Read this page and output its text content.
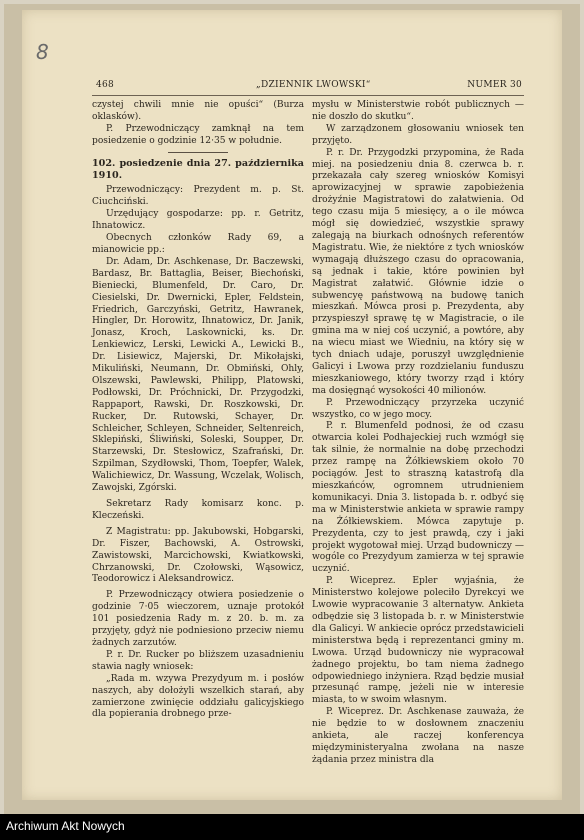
8
468	„DZIENNIK LWOWSKI“	NUMER 30

czystej chwili mnie nie opuści“ (Burza oklasków).

P. Przewodniczący zamknął na tem posiedzenie o godzinie 12·35 w południe.

102. posiedzenie dnia 27. października 1910.

Przewodniczący: Prezydent m. p. St. Ciuchciński.

Urzędujący gospodarze: pp. r. Getritz, Ihnatowicz.

Obecnych członków Rady 69, a mianowicie pp.:

Dr. Adam, Dr. Aschkenase, Dr. Baczewski, Bardasz, Br. Battaglia, Beiser, Biechoński, Bieniecki, Blumenfeld, Dr. Caro, Dr. Ciesielski, Dr. Dwernicki, Epler, Feldstein, Friedrich, Garczyński, Getritz, Hawranek, Hingler, Dr. Horowitz, Ihnatowicz, Dr. Janik, Jonasz, Kroch, Laskownicki, ks. Dr. Lenkiewicz, Lerski, Lewicki A., Lewicki B., Dr. Lisiewicz, Majerski, Dr. Mikołajski, Mikuliński, Neumann, Dr. Obmiński, Ohly, Olszewski, Pawlewski, Philipp, Platowski, Podłowski, Dr. Próchnicki, Dr. Przygodzki, Rappaport, Rawski, Dr. Roszkowski, Dr. Rucker, Dr. Rutowski, Schayer, Dr. Schleicher, Schleyen, Schneider, Seltenreich, Sklepiński, Śliwiński, Soleski, Soupper, Dr. Starzewski, Dr. Stesłowicz, Szafrański, Dr. Szpilman, Szydłowski, Thom, Toepfer, Walek, Walichiewicz, Dr. Wassung, Wczelak, Wolisch, Zawojski, Zgórski.

Sekretarz Rady komisarz konc. p. Kleczeński.

Z Magistratu: pp. Jakubowski, Hobgarski, Dr. Fiszer, Bachowski, A. Ostrowski, Zawistowski, Marcichowski, Kwiatkowski, Chrzanowski, Dr. Czołowski, Wąsowicz, Teodorowicz i Aleksandrowicz.

P. Przewodniczący otwiera posiedzenie o godzinie 7·05 wieczorem, uznaje protokół 101 posiedzenia Rady m. z 20. b. m. za przyjęty, gdyż nie podniesiono przeciw niemu żadnych zarzutów.

P. r. Dr. Rucker po bliższem uzasadnieniu stawia nagły wniosek:

„Rada m. wzywa Prezydyum m. i posłów naszych, aby dołożyli wszelkich starań, aby zamierzone zwinięcie oddziału galicyjskiego dla popierania drobnego prze-

mysłu w Ministerstwie robót publicznych — nie doszło do skutku“.

W zarządzonem głosowaniu wniosek ten przyjęto.

P. r. Dr. Przygodzki przypomina, że Rada miej. na posiedzeniu dnia 8. czerwca b. r. przekazała cały szereg wniosków Komisyi aprowizacyjnej w sprawie zapobieżenia drożyźnie Magistratowi do załatwienia. Od tego czasu mija 5 miesięcy, a o ile mówca mógł się dowiedzieć, wszystkie sprawy zalegają na biurkach odnośnych referentów Magistratu. Wie, że niektóre z tych wniosków wymagają dłuższego czasu do opracowania, są jednak i takie, które powinien był Magistrat załatwić. Głównie idzie o subwencyę państwową na budowę tanich mieszkań. Mówca prosi p. Prezydenta, aby przyspieszył sprawę tę w Magistracie, o ile gmina ma w niej coś uczynić, a powtóre, aby na wiecu miast we Wiedniu, na który się w tych dniach udaje, poruszył uwzględnienie Galicyi i Lwowa przy rozdzielaniu funduszu mieszkaniowego, który tworzy rząd i który ma dosięgnąć wysokości 40 milionów.

P. Przewodniczący przyrzeka uczynić wszystko, co w jego mocy.

P. r. Blumenfeld podnosi, że od czasu otwarcia kolei Podhajeckiej ruch wzmógł się tak silnie, że normalnie na dobę przechodzi przez rampę na Żółkiewskiem około 70 pociągów. Jest to straszną katastrofą dla mieszkańców, ogromnem utrudnieniem komunikacyi. Dnia 3. listopada b. r. odbyć się ma w Ministerstwie ankieta w sprawie rampy na Żółkiewskiem. Mówca zapytuje p. Prezydenta, czy to jest prawdą, czy i jaki projekt wygotował miej. Urząd budowniczy — wogóle co Prezydyum zamierza w tej sprawie uczynić.

P. Wiceprez. Epler wyjaśnia, że Ministerstwo kolejowe poleciło Dyrekcyi we Lwowie wypracowanie 3 alternatyw. Ankieta odbędzie się 3 listopada b. r. w Ministerstwie dla Galicyi. W ankiecie oprócz przedstawicieli ministerstwa będą i reprezentanci gminy m. Lwowa. Urząd budowniczy nie wypracował żadnego projektu, bo tam niema żadnego odpowiedniego inżyniera. Rząd będzie musiał przesunąć rampę, jeżeli nie w interesie miasta, to w swoim własnym.

P. Wiceprez. Dr. Aschkenase zauważa, że nie będzie to w dosłownem znaczeniu ankieta, ale raczej konferencya międzyministeryalna zwołana na nasze żądania przez ministra dla

Archiwum Akt Nowych
